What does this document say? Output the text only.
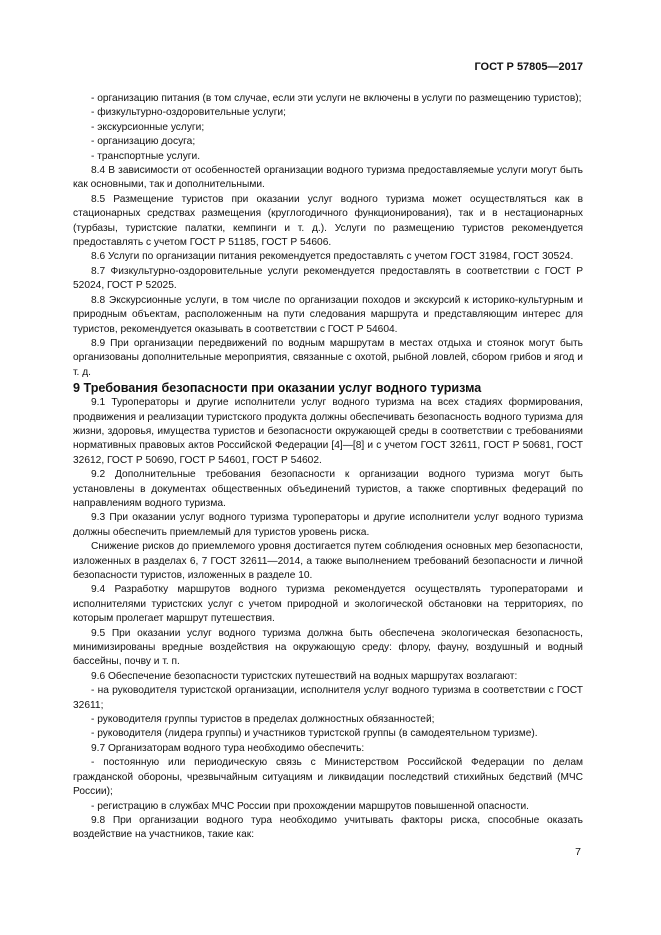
ГОСТ Р 57805—2017

- организацию питания (в том случае, если эти услуги не включены в услуги по размещению туристов);

- физкультурно-оздоровительные услуги;

- экскурсионные услуги;

- организацию досуга;

- транспортные услуги.

8.4 В зависимости от особенностей организации водного туризма предоставляемые услуги могут быть как основными, так и дополнительными.

8.5 Размещение туристов при оказании услуг водного туризма может осуществляться как в стационарных средствах размещения (круглогодичного функционирования), так и в нестационарных (турбазы, туристские палатки, кемпинги и т. д.). Услуги по размещению туристов рекомендуется предоставлять с учетом ГОСТ Р 51185, ГОСТ Р 54606.

8.6 Услуги по организации питания рекомендуется предоставлять с учетом ГОСТ 31984, ГОСТ 30524.

8.7 Физкультурно-оздоровительные услуги рекомендуется предоставлять в соответствии с ГОСТ Р 52024, ГОСТ Р 52025.

8.8 Экскурсионные услуги, в том числе по организации походов и экскурсий к историко-культурным и природным объектам, расположенным на пути следования маршрута и представляющим интерес для туристов, рекомендуется оказывать в соответствии с ГОСТ Р 54604.

8.9 При организации передвижений по водным маршрутам в местах отдыха и стоянок могут быть организованы дополнительные мероприятия, связанные с охотой, рыбной ловлей, сбором грибов и ягод и т. д.

9 Требования безопасности при оказании услуг водного туризма

9.1 Туроператоры и другие исполнители услуг водного туризма на всех стадиях формирования, продвижения и реализации туристского продукта должны обеспечивать безопасность водного туризма для жизни, здоровья, имущества туристов и безопасности окружающей среды в соответствии с требованиями нормативных правовых актов Российской Федерации [4]—[8] и с учетом ГОСТ 32611, ГОСТ Р 50681, ГОСТ 32612, ГОСТ Р 50690, ГОСТ Р 54601, ГОСТ Р 54602.

9.2 Дополнительные требования безопасности к организации водного туризма могут быть установлены в документах общественных объединений туристов, а также спортивных федераций по направлениям водного туризма.

9.3 При оказании услуг водного туризма туроператоры и другие исполнители услуг водного туризма должны обеспечить приемлемый для туристов уровень риска.

Снижение рисков до приемлемого уровня достигается путем соблюдения основных мер безопасности, изложенных в разделах 6, 7 ГОСТ 32611—2014, а также выполнением требований безопасности и личной безопасности туристов, изложенных в разделе 10.

9.4 Разработку маршрутов водного туризма рекомендуется осуществлять туроператорами и исполнителями туристских услуг с учетом природной и экологической обстановки на территориях, по которым пролегает маршрут путешествия.

9.5 При оказании услуг водного туризма должна быть обеспечена экологическая безопасность, минимизированы вредные воздействия на окружающую среду: флору, фауну, воздушный и водный бассейны, почву и т. п.

9.6 Обеспечение безопасности туристских путешествий на водных маршрутах возлагают:

- на руководителя туристской организации, исполнителя услуг водного туризма в соответствии с ГОСТ 32611;

- руководителя группы туристов в пределах должностных обязанностей;

- руководителя (лидера группы) и участников туристской группы (в самодеятельном туризме).

9.7 Организаторам водного тура необходимо обеспечить:

- постоянную или периодическую связь с Министерством Российской Федерации по делам гражданской обороны, чрезвычайным ситуациям и ликвидации последствий стихийных бедствий (МЧС России);

- регистрацию в службах МЧС России при прохождении маршрутов повышенной опасности.

9.8 При организации водного тура необходимо учитывать факторы риска, способные оказать воздействие на участников, такие как:

7
